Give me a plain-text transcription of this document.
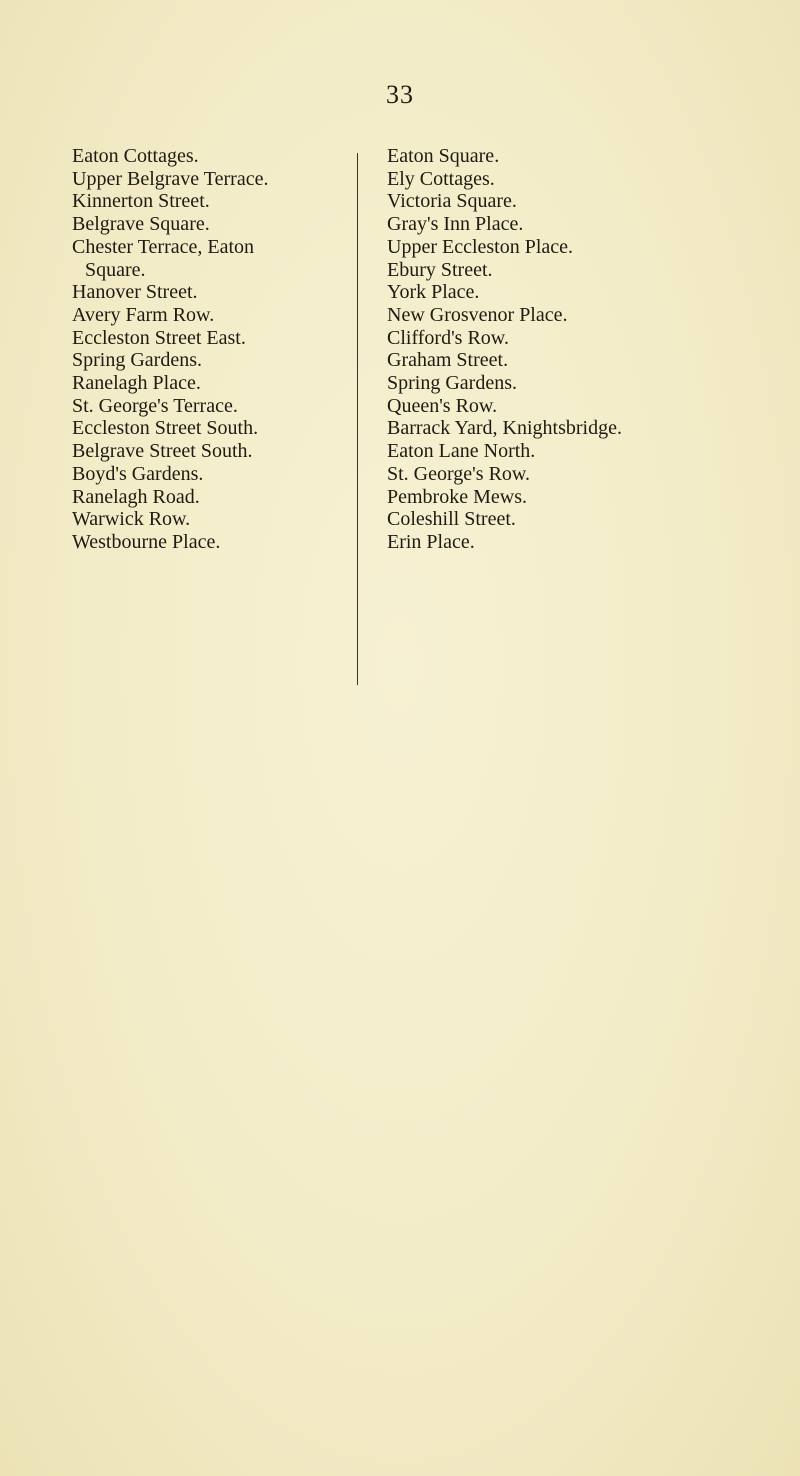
33
Eaton Cottages.
Upper Belgrave Terrace.
Kinnerton Street.
Belgrave Square.
Chester Terrace, Eaton
Square.
Hanover Street.
Avery Farm Row.
Eccleston Street East.
Spring Gardens.
Ranelagh Place.
St. George's Terrace.
Eccleston Street South.
Belgrave Street South.
Boyd's Gardens.
Ranelagh Road.
Warwick Row.
Westbourne Place.
Eaton Square.
Ely Cottages.
Victoria Square.
Gray's Inn Place.
Upper Eccleston Place.
Ebury Street.
York Place.
New Grosvenor Place.
Clifford's Row.
Graham Street.
Spring Gardens.
Queen's Row.
Barrack Yard, Knightsbridge.
Eaton Lane North.
St. George's Row.
Pembroke Mews.
Coleshill Street.
Erin Place.
